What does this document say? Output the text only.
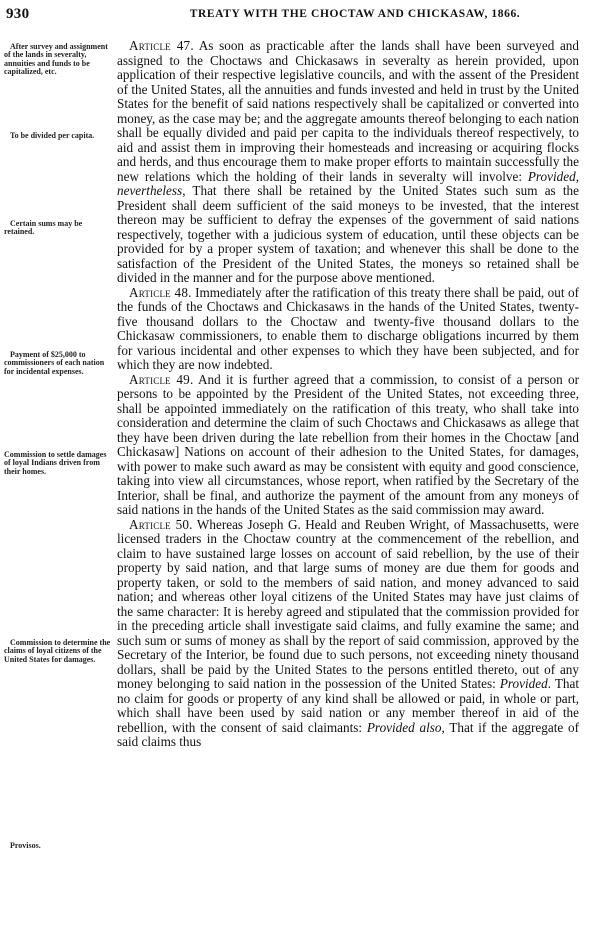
930	TREATY WITH THE CHOCTAW AND CHICKASAW, 1866.
After survey and assignment of the lands in severalty, annuities and funds to be capitalized, etc.
To be divided per capita.
Certain sums may be retained.
Payment of $25,000 to commissioners of each nation for incidental expenses.
Commission to settle damages of loyal Indians driven from their homes.
Commission to determine the claims of loyal citizens of the United States for damages.
Provisos.

Article 47. As soon as practicable after the lands shall have been surveyed and assigned to the Choctaws and Chickasaws in severalty as herein provided, upon application of their respective legislative councils, and with the assent of the President of the United States, all the annuities and funds invested and held in trust by the United States for the benefit of said nations respectively shall be capitalized or converted into money, as the case may be; and the aggregate amounts thereof belonging to each nation shall be equally divided and paid per capita to the individuals thereof respectively, to aid and assist them in improving their homesteads and increasing or acquiring flocks and herds, and thus encourage them to make proper efforts to maintain successfully the new relations which the holding of their lands in severalty will involve: Provided, nevertheless, That there shall be retained by the United States such sum as the President shall deem sufficient of the said moneys to be invested, that the interest thereon may be sufficient to defray the expenses of the government of said nations respectively, together with a judicious system of education, until these objects can be provided for by a proper system of taxation; and whenever this shall be done to the satisfaction of the President of the United States, the moneys so retained shall be divided in the manner and for the purpose above mentioned.

Article 48. Immediately after the ratification of this treaty there shall be paid, out of the funds of the Choctaws and Chickasaws in the hands of the United States, twenty-five thousand dollars to the Choctaw and twenty-five thousand dollars to the Chickasaw commissioners, to enable them to discharge obligations incurred by them for various incidental and other expenses to which they have been subjected, and for which they are now indebted.

Article 49. And it is further agreed that a commission, to consist of a person or persons to be appointed by the President of the United States, not exceeding three, shall be appointed immediately on the ratification of this treaty, who shall take into consideration and determine the claim of such Choctaws and Chickasaws as allege that they have been driven during the late rebellion from their homes in the Choctaw [and Chickasaw] Nations on account of their adhesion to the United States, for damages, with power to make such award as may be consistent with equity and good conscience, taking into view all circumstances, whose report, when ratified by the Secretary of the Interior, shall be final, and authorize the payment of the amount from any moneys of said nations in the hands of the United States as the said commission may award.

Article 50. Whereas Joseph G. Heald and Reuben Wright, of Massachusetts, were licensed traders in the Choctaw country at the commencement of the rebellion, and claim to have sustained large losses on account of said rebellion, by the use of their property by said nation, and that large sums of money are due them for goods and property taken, or sold to the members of said nation, and money advanced to said nation; and whereas other loyal citizens of the United States may have just claims of the same character: It is hereby agreed and stipulated that the commission provided for in the preceding article shall investigate said claims, and fully examine the same; and such sum or sums of money as shall by the report of said commission, approved by the Secretary of the Interior, be found due to such persons, not exceeding ninety thousand dollars, shall be paid by the United States to the persons entitled thereto, out of any money belonging to said nation in the possession of the United States: Provided. That no claim for goods or property of any kind shall be allowed or paid, in whole or part, which shall have been used by said nation or any member thereof in aid of the rebellion, with the consent of said claimants: Provided also, That if the aggregate of said claims thus
